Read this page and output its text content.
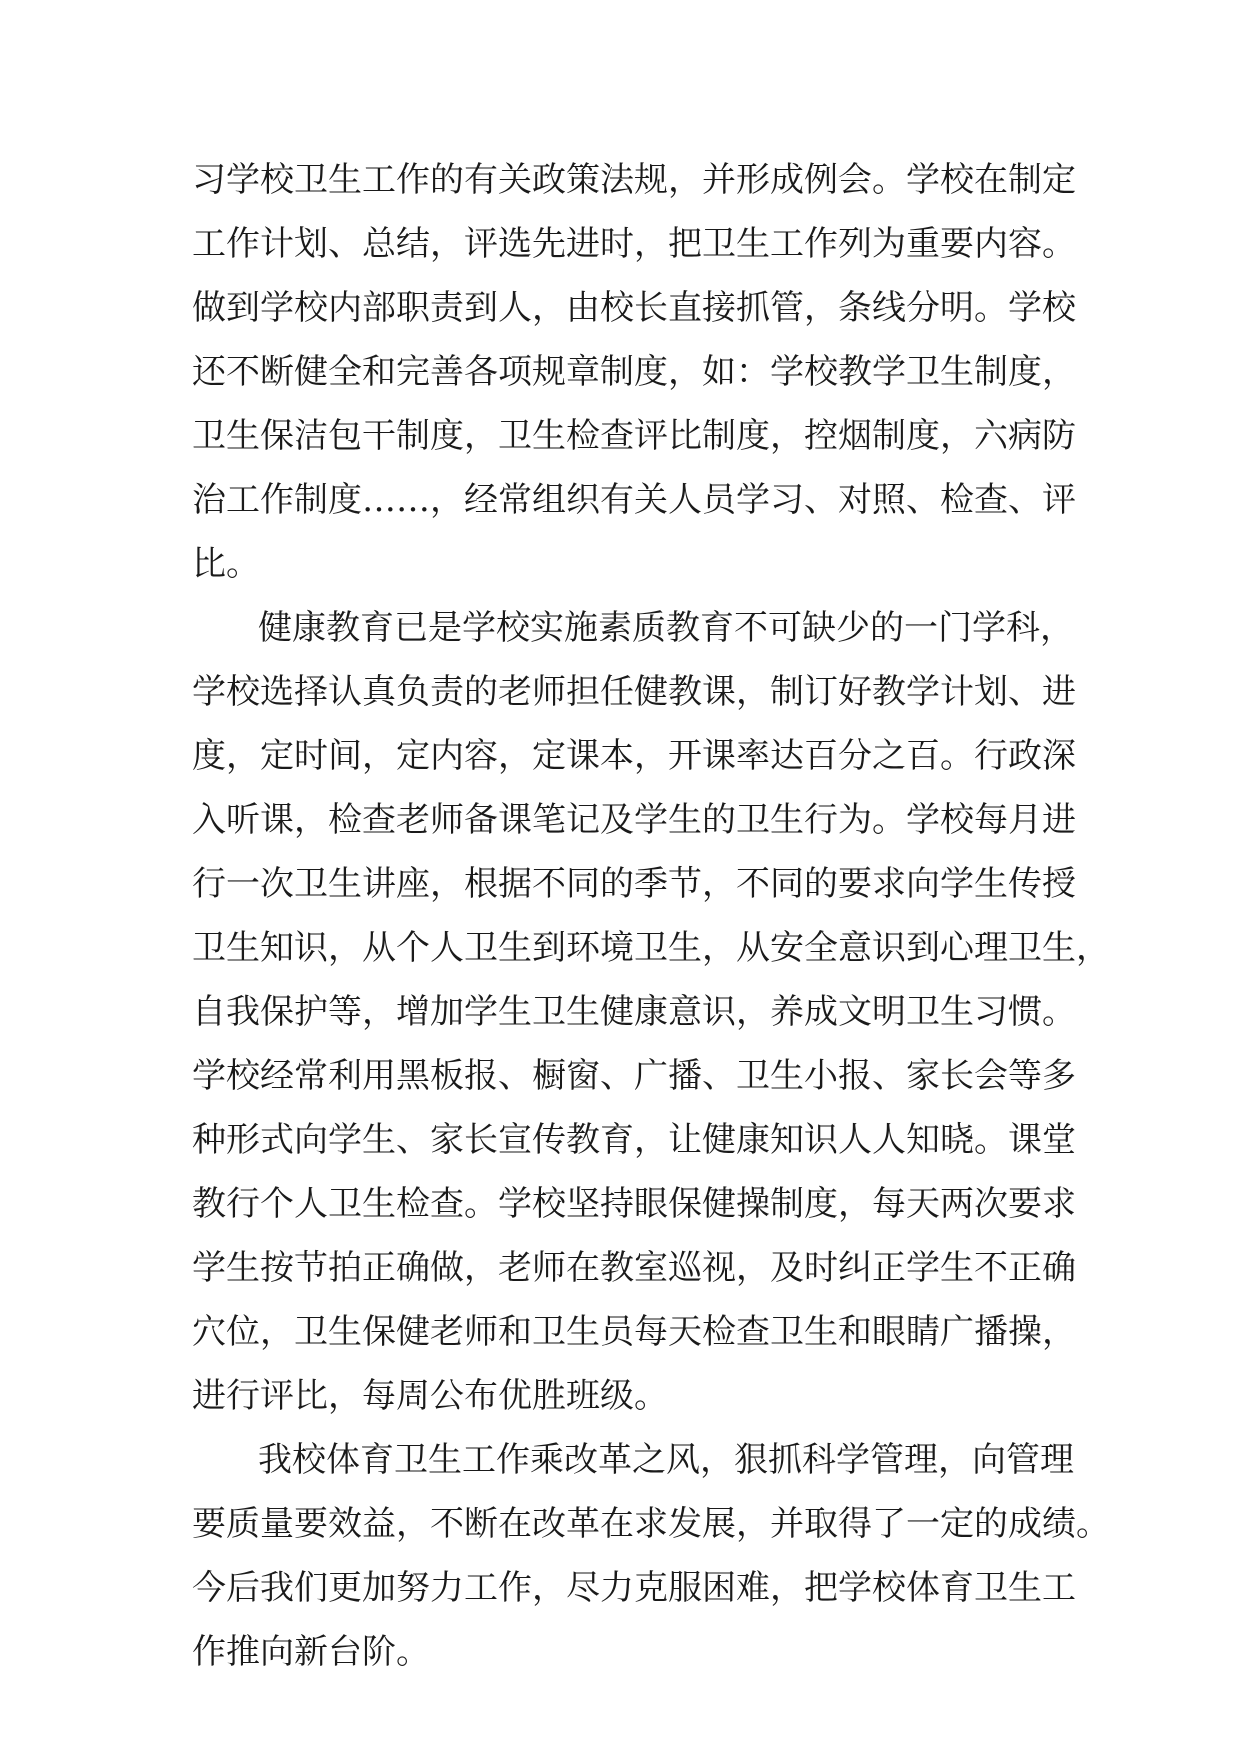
习学校卫生工作的有关政策法规，并形成例会。学校在制定
工作计划、总结，评选先进时，把卫生工作列为重要内容。
做到学校内部职责到人，由校长直接抓管，条线分明。学校
还不断健全和完善各项规章制度，如：学校教学卫生制度，
卫生保洁包干制度，卫生检查评比制度，控烟制度，六病防
治工作制度……，经常组织有关人员学习、对照、检查、评
比。
健康教育已是学校实施素质教育不可缺少的一门学科，
学校选择认真负责的老师担任健教课，制订好教学计划、进
度，定时间，定内容，定课本，开课率达百分之百。行政深
入听课，检查老师备课笔记及学生的卫生行为。学校每月进
行一次卫生讲座，根据不同的季节，不同的要求向学生传授
卫生知识，从个人卫生到环境卫生，从安全意识到心理卫生，
自我保护等，增加学生卫生健康意识，养成文明卫生习惯。
学校经常利用黑板报、橱窗、广播、卫生小报、家长会等多
种形式向学生、家长宣传教育，让健康知识人人知晓。课堂
教行个人卫生检查。学校坚持眼保健操制度，每天两次要求
学生按节拍正确做，老师在教室巡视，及时纠正学生不正确
穴位，卫生保健老师和卫生员每天检查卫生和眼睛广播操，
进行评比，每周公布优胜班级。
我校体育卫生工作乘改革之风，狠抓科学管理，向管理
要质量要效益，不断在改革在求发展，并取得了一定的成绩。
今后我们更加努力工作，尽力克服困难，把学校体育卫生工
作推向新台阶。
